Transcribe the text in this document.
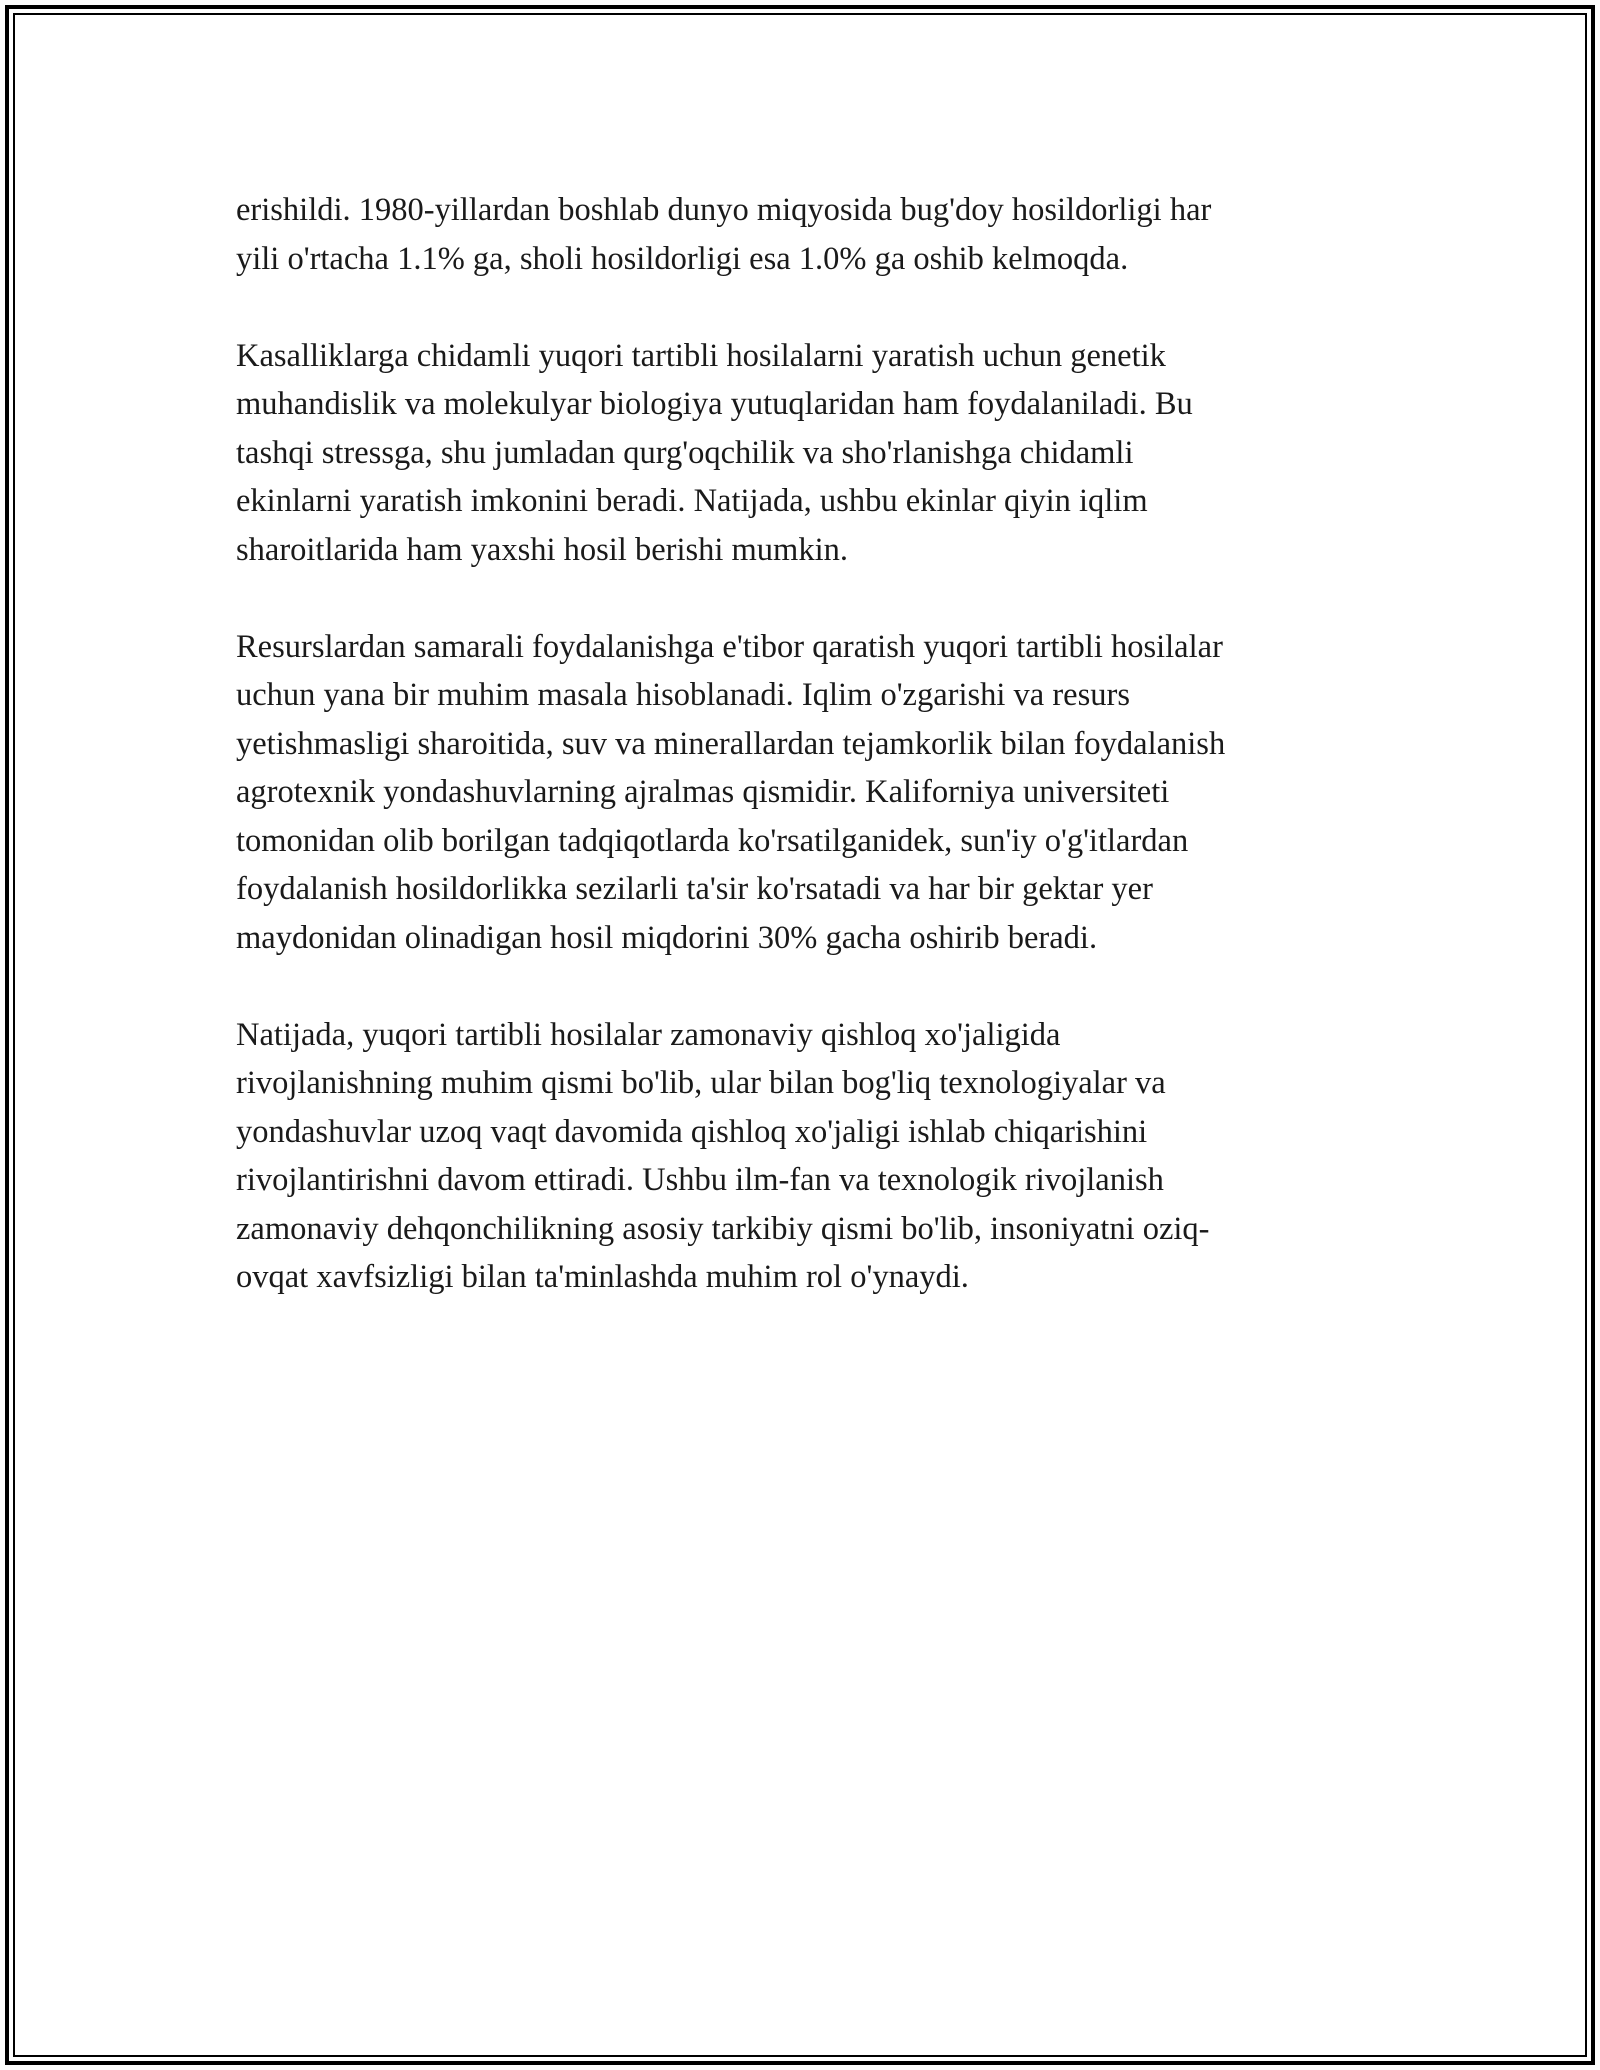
erishildi. 1980-yillardan boshlab dunyo miqyosida bug'doy hosildorligi har
yili o'rtacha 1.1% ga, sholi hosildorligi esa 1.0% ga oshib kelmoqda.

Kasalliklarga chidamli yuqori tartibli hosilalarni yaratish uchun genetik
muhandislik va molekulyar biologiya yutuqlaridan ham foydalaniladi. Bu
tashqi stressga, shu jumladan qurg'oqchilik va sho'rlanishga chidamli
ekinlarni yaratish imkonini beradi. Natijada, ushbu ekinlar qiyin iqlim
sharoitlarida ham yaxshi hosil berishi mumkin.

Resurslardan samarali foydalanishga e'tibor qaratish yuqori tartibli hosilalar
uchun yana bir muhim masala hisoblanadi. Iqlim o'zgarishi va resurs
yetishmasligi sharoitida, suv va minerallardan tejamkorlik bilan foydalanish
agrotexnik yondashuvlarning ajralmas qismidir. Kaliforniya universiteti
tomonidan olib borilgan tadqiqotlarda ko'rsatilganidek, sun'iy o'g'itlardan
foydalanish hosildorlikka sezilarli ta'sir ko'rsatadi va har bir gektar yer
maydonidan olinadigan hosil miqdorini 30% gacha oshirib beradi.

Natijada, yuqori tartibli hosilalar zamonaviy qishloq xo'jaligida
rivojlanishning muhim qismi bo'lib, ular bilan bog'liq texnologiyalar va
yondashuvlar uzoq vaqt davomida qishloq xo'jaligi ishlab chiqarishini
rivojlantirishni davom ettiradi. Ushbu ilm-fan va texnologik rivojlanish
zamonaviy dehqonchilikning asosiy tarkibiy qismi bo'lib, insoniyatni oziq-
ovqat xavfsizligi bilan ta'minlashda muhim rol o'ynaydi.
